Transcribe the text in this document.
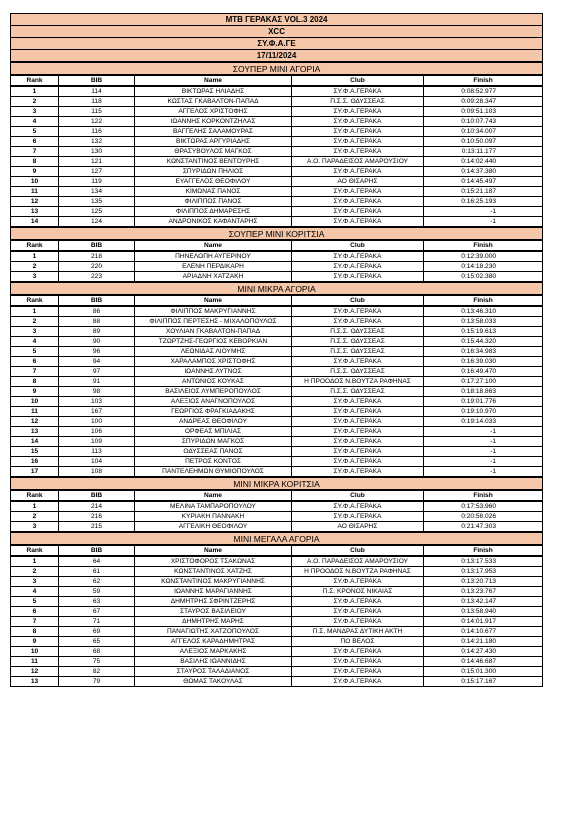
MTB ΓΕΡΑΚΑΣ VOL.3 2024				
XCC				
ΣΥ.Φ.Α.ΓΕ				
17/11/2024				
ΣΟΥΠΕΡ ΜΙΝΙ ΑΓΟΡΙΑ				
Rank	BIB	Name	Club	Finish
1	114	ΒΙΚΤΩΡΑΣ ΗΛΙΑΔΗΣ	ΣΥ.Φ.Α.ΓΕΡΑΚΑ	0:08:52.977
2	118	ΚΩΣΤΑΣ ΓΚΑΒΑΛΤΟΝ-ΠΑΠΑΔ	Π.Σ.Σ. ΟΔΥΣΣΕΑΣ	0:09:28.347
3	115	ΑΓΓΕΛΟΣ ΧΡΙΣΤΟΦΗΣ	ΣΥ.Φ.Α.ΓΕΡΑΚΑ	0:09:51.103
4	122	ΙΩΑΝΝΗΣ ΚΟΡΚΟΝΤΖΗΛΑΣ	ΣΥ.Φ.Α.ΓΕΡΑΚΑ	0:10:07.743
5	116	ΒΑΓΓΕΛΗΣ ΣΑΛΑΜΟΥΡΑΣ	ΣΥ.Φ.Α.ΓΕΡΑΚΑ	0:10:34.007
6	132	ΒΙΚΤΩΡΑΣ ΑΡΓΥΡΙΑΔΗΣ	ΣΥ.Φ.Α.ΓΕΡΑΚΑ	0:10:50.097
7	130	ΘΡΑΣΥΒΟΥΛΟΣ ΜΑΓΚΟΣ	ΣΥ.Φ.Α.ΓΕΡΑΚΑ	0:13:11.177
8	121	ΚΩΝΣΤΑΝΤΙΝΟΣ ΒΕΝΤΟΥΡΗΣ	Α.Ο. ΠΑΡΑΔΕΙΣΟΣ ΑΜΑΡΟΥΣΙΟΥ	0:14:02.440
9	127	ΣΠΥΡΙΔΩΝ ΠΗΛΙΟΣ	ΣΥ.Φ.Α.ΓΕΡΑΚΑ	0:14:37.380
10	119	ΕΥΑΓΓΕΛΟΣ ΘΕΟΦΙΛΟΥ	ΑΟ ΘΙΣΑΡΗΣ	0:14:45.497
11	134	ΚΙΜΩΝΑΣ ΠΑΝΟΣ	ΣΥ.Φ.Α.ΓΕΡΑΚΑ	0:15:21.187
12	135	ΦΙΛΙΠΠΟΣ ΠΑΝΟΣ	ΣΥ.Φ.Α.ΓΕΡΑΚΑ	0:16:25.193
13	125	ΦΙΛΙΠΠΟΣ ΔΗΜΑΡΕΣΗΣ	ΣΥ.Φ.Α.ΓΕΡΑΚΑ	-1
14	124	ΑΝΔΡΟΝΙΚΟΣ ΚΑΦΑΝΤΑΡΗΣ	ΣΥ.Φ.Α.ΓΕΡΑΚΑ	-1
ΣΟΥΠΕΡ ΜΙΝΙ ΚΟΡΙΤΣΙΑ				
Rank	BIB	Name	Club	Finish
1	218	ΠΗΝΕΛΟΠΗ ΑΥΓΕΡΙΝΟΥ	ΣΥ.Φ.Α.ΓΕΡΑΚΑ	0:12:39.000
2	220	ΕΛΕΝΗ ΠΕΡΔΙΚΑΡΗ	ΣΥ.Φ.Α.ΓΕΡΑΚΑ	0:14:18.230
3	223	ΑΡΙΑΔΝΗ ΧΑΤΖΑΚΗ	ΣΥ.Φ.Α.ΓΕΡΑΚΑ	0:15:02.380
ΜΙΝΙ ΜΙΚΡΑ ΑΓΟΡΙΑ				
Rank	BIB	Name	Club	Finish
1	86	ΦΙΛΙΠΠΟΣ ΜΑΚΡΥΓΙΑΝΝΗΣ	ΣΥ.Φ.Α.ΓΕΡΑΚΑ	0:13:46.310
2	88	ΦΙΛΙΠΠΟΣ ΠΕΡΤΕΣΗΣ - ΜΙΧΑΛΟΠΟΥΛΟΣ	ΣΥ.Φ.Α.ΓΕΡΑΚΑ	0:13:58.033
3	89	ΧΟΥΛΙΑΝ ΓΚΑΒΑΛΤΟΝ-ΠΑΠΑΔ	Π.Σ.Σ. ΟΔΥΣΣΕΑΣ	0:15:19.613
4	90	ΤΖΩΡΤΖΗΣ-ΓΕΩΡΓΙΟΣ ΚΕΒΟΡΚΙΑΝ	Π.Σ.Σ. ΟΔΥΣΣΕΑΣ	0:15:44.320
5	96	ΛΕΩΝΙΔΑΣ ΛΙΟΥΜΗΣ	Π.Σ.Σ. ΟΔΥΣΣΕΑΣ	0:16:34.983
6	94	ΧΑΡΑΛΑΜΠΟΣ ΧΡΙΣΤΟΦΗΣ	ΣΥ.Φ.Α.ΓΕΡΑΚΑ	0:16:39.030
7	97	ΙΩΑΝΝΗΣ ΛΥΤΝΟΣ	Π.Σ.Σ. ΟΔΥΣΣΕΑΣ	0:16:49.470
8	91	ΑΝΤΩΝΙΟΣ ΚΟΥΚΑΣ	Η ΠΡΟΟΔΟΣ Ν.ΒΟΥΤΖΑ ΡΑΦΗΝΑΣ	0:17:27.100
9	98	ΒΑΣΙΛΕΙΟΣ ΛΥΜΠΕΡΟΠΟΥΛΟΣ	Π.Σ.Σ. ΟΔΥΣΣΕΑΣ	0:18:18.863
10	103	ΑΛΕΞΙΟΣ ΑΝΑΓΝΟΠΟΥΛΟΣ	ΣΥ.Φ.Α.ΓΕΡΑΚΑ	0:19:01.776
11	167	ΓΕΩΡΓΙΟΣ ΦΡΑΓΚΙΑΔΑΚΗΣ	ΣΥ.Φ.Α.ΓΕΡΑΚΑ	0:19:10.970
12	100	ΑΝΔΡΕΑΣ ΘΕΟΦΙΛΟΥ	ΣΥ.Φ.Α.ΓΕΡΑΚΑ	0:19:14.033
13	106	ΟΡΦΕΑΣ ΜΠΙΛΙΑΣ	ΣΥ.Φ.Α.ΓΕΡΑΚΑ	-1
14	109	ΣΠΥΡΙΔΩΝ ΜΑΓΚΟΣ	ΣΥ.Φ.Α.ΓΕΡΑΚΑ	-1
15	113	ΟΔΥΣΣΕΑΣ ΠΑΝΟΣ	ΣΥ.Φ.Α.ΓΕΡΑΚΑ	-1
16	104	ΠΕΤΡΟΣ ΚΟΝΤΟΣ	ΣΥ.Φ.Α.ΓΕΡΑΚΑ	-1
17	108	ΠΑΝΤΕΛΕΗΜΩΝ ΘΥΜΙΟΠΟΥΛΟΣ	ΣΥ.Φ.Α.ΓΕΡΑΚΑ	-1
ΜΙΝΙ ΜΙΚΡΑ ΚΟΡΙΤΣΙΑ				
Rank	BIB	Name	Club	Finish
1	214	ΜΕΛΙΝΑ ΤΑΜΠΑΡΟΠΟΥΛΟΥ	ΣΥ.Φ.Α.ΓΕΡΑΚΑ	0:17:53.960
2	216	ΚΥΡΙΑΚΗ ΠΑΝΝΑΚΗ	ΣΥ.Φ.Α.ΓΕΡΑΚΑ	0:20:58.026
3	215	ΑΓΓΕΛΙΚΗ ΘΕΟΦΙΛΟΥ	ΑΟ ΘΙΣΑΡΗΣ	0:21:47.303
ΜΙΝΙ ΜΕΓΑΛΑ ΑΓΟΡΙΑ				
Rank	BIB	Name	Club	Finish
1	64	ΧΡΙΣΤΟΦΟΡΟΣ ΤΣΑΚΩΝΑΣ	Α.Ο. ΠΑΡΑΔΕΙΣΟΣ ΑΜΑΡΟΥΣΙΟΥ	0:13:17.533
2	61	ΚΩΝΣΤΑΝΤΙΝΟΣ ΧΑΤΖΗΣ	Η ΠΡΟΟΔΟΣ Ν.ΒΟΥΤΖΑ ΡΑΦΗΝΑΣ	0:13:17.953
3	62	ΚΩΝΣΤΑΝΤΙΝΟΣ ΜΑΚΡΥΓΙΑΝΝΗΣ	ΣΥ.Φ.Α.ΓΕΡΑΚΑ	0:13:20.713
4	59	ΙΩΑΝΝΗΣ ΜΑΡΑΓΙΑΝΝΗΣ	Π.Σ. ΚΡΟΝΟΣ ΝΙΚΑΙΑΣ	0:13:23.767
5	63	ΔΗΜΗΤΡΗΣ ΣΦΡΙΝΤΖΕΡΗΣ	ΣΥ.Φ.Α.ΓΕΡΑΚΑ	0:13:42.147
6	67	ΣΤΑΥΡΟΣ ΒΑΣΙΛΕΙΟΥ	ΣΥ.Φ.Α.ΓΕΡΑΚΑ	0:13:58.940
7	71	ΔΗΜΗΤΡΗΣ ΜΑΡΗΣ	ΣΥ.Φ.Α.ΓΕΡΑΚΑ	0:14:01.917
8	69	ΠΑΝΑΓΙΩΤΗΣ ΧΑΤΖΟΠΟΥΛΟΣ	Π.Σ. ΜΑΝΔΡΑΣ ΔΥΤΙΚΗ ΑΚΤΗ	0:14:10.677
9	65	ΑΓΓΕΛΟΣ ΚΑΡΑΔΗΜΗΤΡΑΣ	ΠΟ ΒΕΛΟΣ	0:14:21.180
10	68	ΑΛΕΞΙΟΣ ΜΑΡΚΑΚΗΣ	ΣΥ.Φ.Α.ΓΕΡΑΚΑ	0:14:27.430
11	75	ΒΑΣΙΛΗΣ ΙΩΑΝΝΙΔΗΣ	ΣΥ.Φ.Α.ΓΕΡΑΚΑ	0:14:46.687
12	82	ΣΤΑΥΡΟΣ ΤΑΛΑΔΙΑΝΟΣ	ΣΥ.Φ.Α.ΓΕΡΑΚΑ	0:15:01.300
13	79	ΘΩΜΑΣ ΤΑΚΟΥΛΑΣ	ΣΥ.Φ.Α.ΓΕΡΑΚΑ	0:15:17.167
